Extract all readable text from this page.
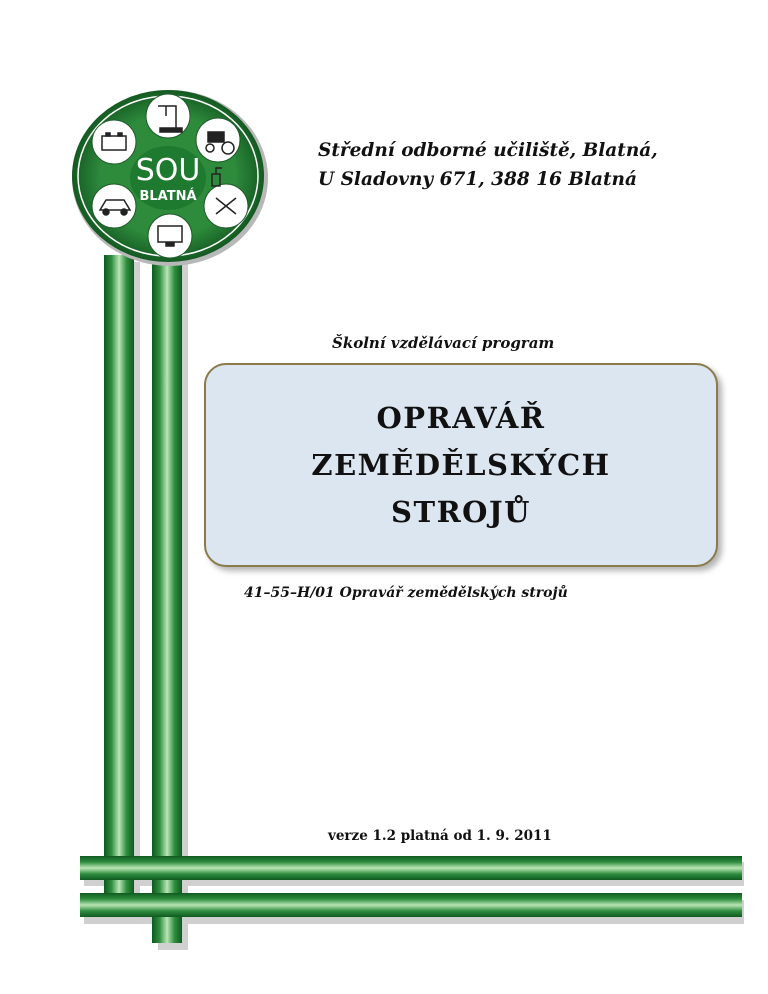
SOU
BLATNÁ
Střední odborné učiliště, Blatná,
U Sladovny 671, 388 16 Blatná
Školní vzdělávací program
OPRAVÁŘ
ZEMĚDĚLSKÝCH
STROJŮ
41–55–H/01 Opravář zemědělských strojů
verze 1.2 platná od 1. 9. 2011
